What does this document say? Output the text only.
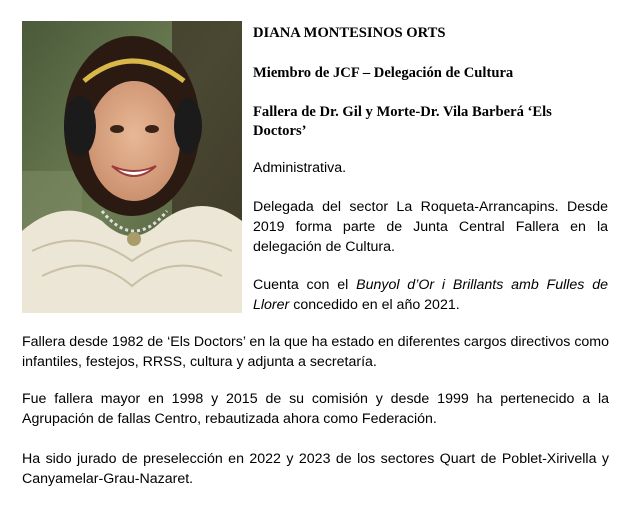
DIANA MONTESINOS ORTS

Miembro de JCF – Delegación de Cultura

Fallera de Dr. Gil y Morte-Dr. Vila Barberá ‘Els Doctors’

Administrativa.

Delegada del sector La Roqueta-Arrancapins. Desde 2019 forma parte de Junta Central Fallera en la delegación de Cultura.

Cuenta con el Bunyol d’Or i Brillants amb Fulles de Llorer concedido en el año 2021.

Fallera desde 1982 de ‘Els Doctors’ en la que ha estado en diferentes cargos directivos como infantiles, festejos, RRSS, cultura y adjunta a secretaría.

Fue fallera mayor en 1998 y 2015 de su comisión y desde 1999 ha pertenecido a la Agrupación de fallas Centro, rebautizada ahora como Federación.

Ha sido jurado de preselección en 2022 y 2023 de los sectores Quart de Poblet-Xirivella y Canyamelar-Grau-Nazaret.
